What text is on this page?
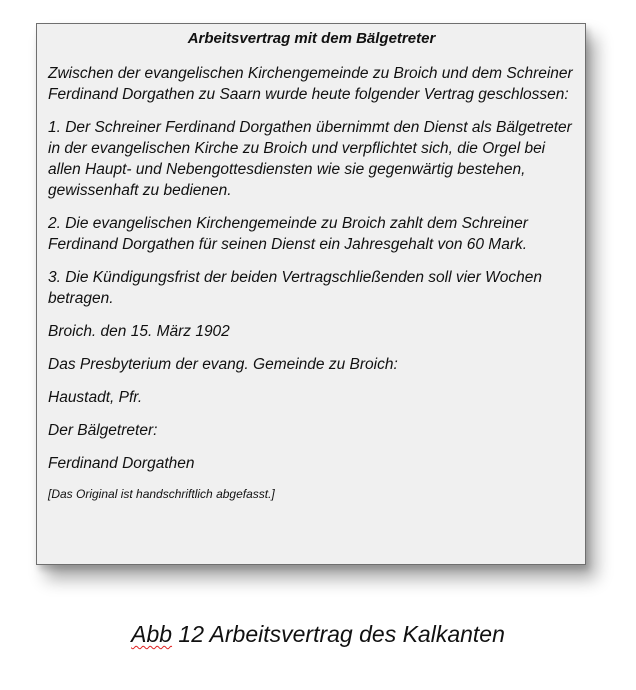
Arbeitsvertrag mit dem Bälgetreter

Zwischen der evangelischen Kirchengemeinde zu Broich und dem Schreiner Ferdinand Dorgathen zu Saarn wurde heute folgender Vertrag geschlossen:

1. Der Schreiner Ferdinand Dorgathen übernimmt den Dienst als Bälgetreter in der evangelischen Kirche zu Broich und verpflichtet sich, die Orgel bei allen Haupt- und Nebengottesdiensten wie sie gegenwärtig bestehen, gewissenhaft zu bedienen.

2. Die evangelischen Kirchengemeinde zu Broich zahlt dem Schreiner Ferdinand Dorgathen für seinen Dienst ein Jahresgehalt von 60 Mark.

3. Die Kündigungsfrist der beiden Vertragschließenden soll vier Wochen betragen.

Broich. den 15. März 1902

Das Presbyterium der evang. Gemeinde zu Broich:

Haustadt, Pfr.

Der Bälgetreter:

Ferdinand Dorgathen

[Das Original ist handschriftlich abgefasst.]

Abb 12 Arbeitsvertrag des Kalkanten
